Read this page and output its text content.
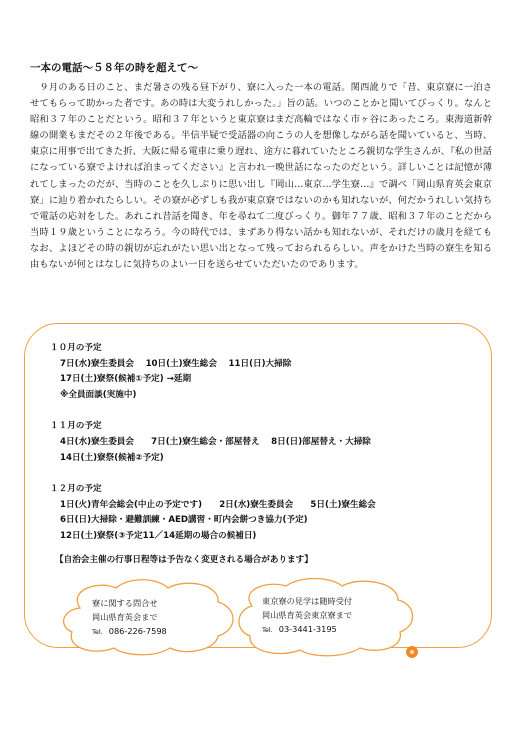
一本の電話～５８年の時を超えて～

　９月のある日のこと、まだ暑さの残る昼下がり、寮に入った一本の電話。関西訛りで「昔、東京寮に一泊させてもらって助かった者です。あの時は大変うれしかった。」旨の話。いつのことかと聞いてびっくり。なんと昭和３７年のことだという。昭和３７年というと東京寮はまだ高輪ではなく市ヶ谷にあったころ。東海道新幹線の開業もまだその２年後である。半信半疑で受話器の向こうの人を想像しながら話を聞いていると、当時、東京に用事で出てきた折、大阪に帰る電車に乗り遅れ、途方に暮れていたところ親切な学生さんが、『私の世話になっている寮でよければ泊まってください』と言われ一晩世話になったのだという。詳しいことは記憶が薄れてしまったのだが、当時のことを久しぶりに思い出し『岡山…東京…学生寮…』で調べ「岡山県育英会東京寮」に辿り着かれたらしい。その寮が必ずしも我が東京寮ではないのかも知れないが、何だかうれしい気持ちで電話の応対をした。あれこれ昔話を聞き、年を尋ねて二度びっくり。御年７７歳、昭和３７年のことだから当時１９歳ということになろう。今の時代では、まずあり得ない話かも知れないが、それだけの歳月を経てもなお、よほどその時の親切が忘れがたい思い出となって残っておられるらしい。声をかけた当時の寮生を知る由もないが何とはなしに気持ちのよい一日を送らせていただいたのであります。

１０月の予定

7日(水)寮生委員会　 10日(土)寮生総会　 11日(日)大掃除

17日(土)寮祭(候補①予定) →延期

※全員面談(実施中)

１１月の予定

4日(水)寮生委員会　　7日(土)寮生総会・部屋替え　 8日(日)部屋替え・大掃除

14日(土)寮祭(候補②予定)

１２月の予定

1日(火)青年会総会(中止の予定です)　　2日(水)寮生委員会　　5日(土)寮生総会

6日(日)大掃除・避難訓練・AED講習・町内会餅つき協力(予定)

12日(土)寮祭(③予定11／14延期の場合の候補日)

【自治会主催の行事日程等は予告なく変更される場合があります】
寮に関する問合せ
岡山県育英会まで
Tel. 086-226-7598
東京寮の見学は随時受付
岡山県育英会東京寮まで
Tel. 03-3441-3195
